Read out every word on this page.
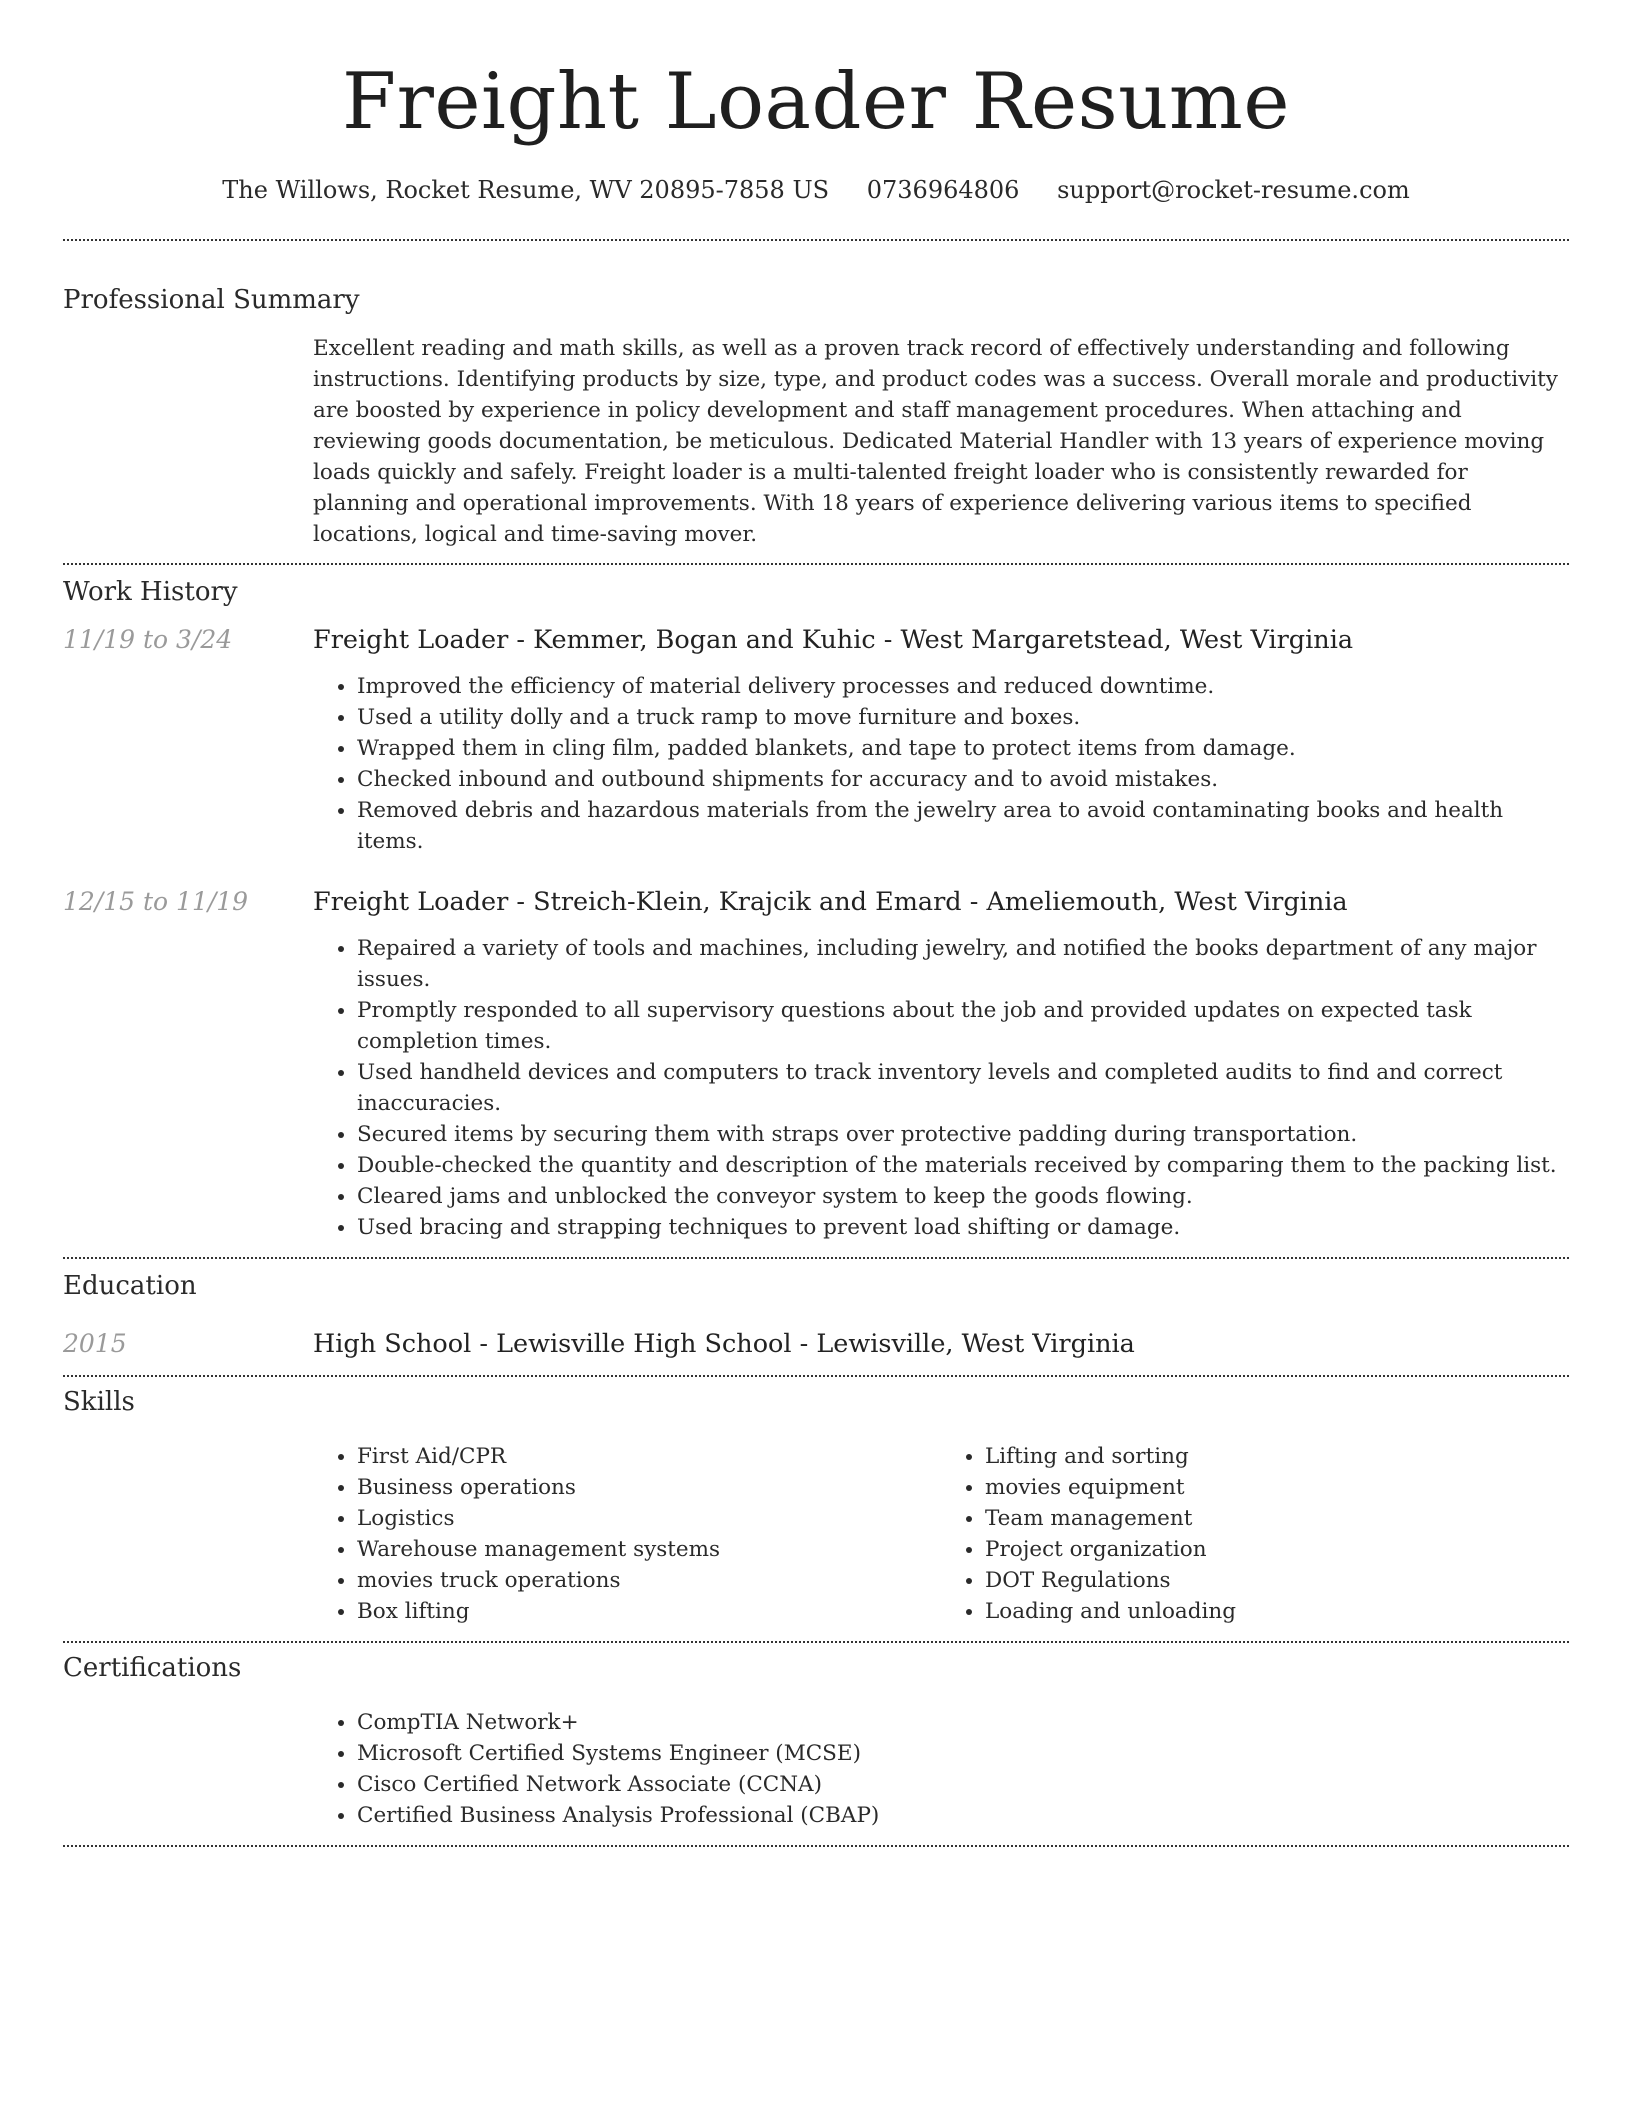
Freight Loader Resume
The Willows, Rocket Resume, WV 20895-7858 US 0736964806 support@rocket-resume.com
Professional Summary

Excellent reading and math skills, as well as a proven track record of effectively understanding and following instructions. Identifying products by size, type, and product codes was a success. Overall morale and productivity are boosted by experience in policy development and staff management procedures. When attaching and reviewing goods documentation, be meticulous. Dedicated Material Handler with 13 years of experience moving loads quickly and safely. Freight loader is a multi-talented freight loader who is consistently rewarded for planning and operational improvements. With 18 years of experience delivering various items to specified locations, logical and time-saving mover.

Work History
11/19 to 3/24	Freight Loader - Kemmer, Bogan and Kuhic - West Margaretstead, West Virginia

• Improved the efficiency of material delivery processes and reduced downtime.
• Used a utility dolly and a truck ramp to move furniture and boxes.
• Wrapped them in cling film, padded blankets, and tape to protect items from damage.
• Checked inbound and outbound shipments for accuracy and to avoid mistakes.
• Removed debris and hazardous materials from the jewelry area to avoid contaminating books and health items.
12/15 to 11/19	Freight Loader - Streich-Klein, Krajcik and Emard - Ameliemouth, West Virginia

• Repaired a variety of tools and machines, including jewelry, and notified the books department of any major issues.
• Promptly responded to all supervisory questions about the job and provided updates on expected task completion times.
• Used handheld devices and computers to track inventory levels and completed audits to find and correct inaccuracies.
• Secured items by securing them with straps over protective padding during transportation.
• Double-checked the quantity and description of the materials received by comparing them to the packing list.
• Cleared jams and unblocked the conveyor system to keep the goods flowing.
• Used bracing and strapping techniques to prevent load shifting or damage.
Education
2015	High School - Lewisville High School - Lewisville, West Virginia

Skills
• First Aid/CPR
• Business operations
• Logistics
• Warehouse management systems
• movies truck operations
• Box lifting
• Lifting and sorting
• movies equipment
• Team management
• Project organization
• DOT Regulations
• Loading and unloading
Certifications
• CompTIA Network+
• Microsoft Certified Systems Engineer (MCSE)
• Cisco Certified Network Associate (CCNA)
• Certified Business Analysis Professional (CBAP)
